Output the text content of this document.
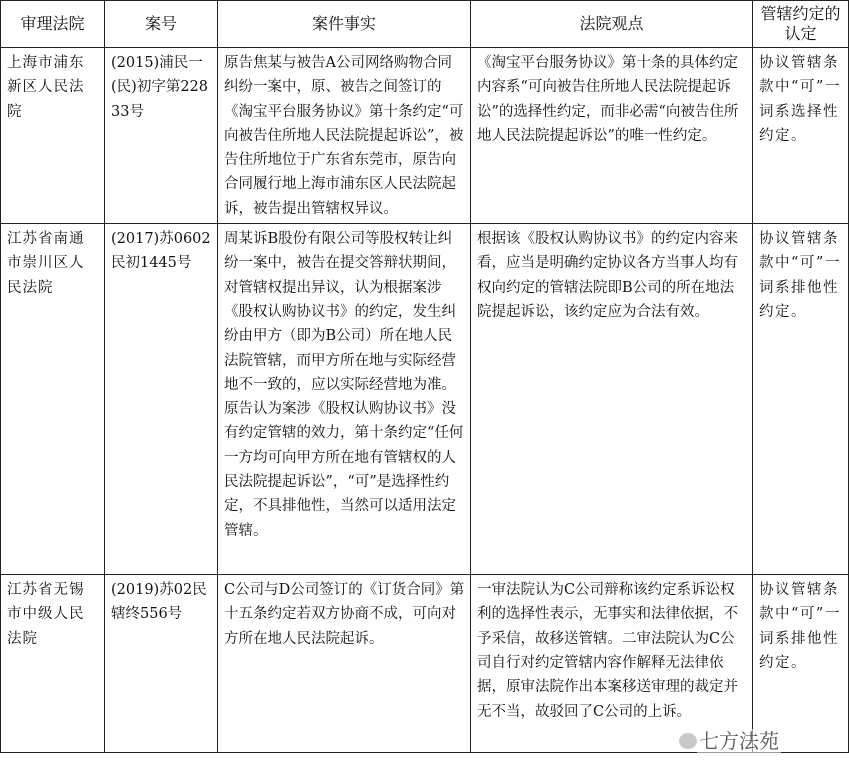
审理法院	案号	案件事实	法院观点	管辖约定的认定
上海市浦东新区人民法院	(2015)浦民一(民)初字第22833号	原告焦某与被告A公司网络购物合同纠纷一案中，原、被告之间签订的《淘宝平台服务协议》第十条约定“可向被告住所地人民法院提起诉讼”，被告住所地位于广东省东莞市，原告向合同履行地上海市浦东区人民法院起诉，被告提出管辖权异议。	《淘宝平台服务协议》第十条的具体约定内容系“可向被告住所地人民法院提起诉讼”的选择性约定，而非必需“向被告住所地人民法院提起诉讼”的唯一性约定。	协议管辖条款中“可”一词系选择性约定。
江苏省南通市崇川区人民法院	(2017)苏0602民初1445号	周某诉B股份有限公司等股权转让纠纷一案中，被告在提交答辩状期间，对管辖权提出异议，认为根据案涉《股权认购协议书》的约定，发生纠纷由甲方（即为B公司）所在地人民法院管辖，而甲方所在地与实际经营地不一致的，应以实际经营地为准。原告认为案涉《股权认购协议书》没有约定管辖的效力，第十条约定“任何一方均可向甲方所在地有管辖权的人民法院提起诉讼”，“可”是选择性约定，不具排他性，当然可以适用法定管辖。	根据该《股权认购协议书》的约定内容来看，应当是明确约定协议各方当事人均有权向约定的管辖法院即B公司的所在地法院提起诉讼，该约定应为合法有效。	协议管辖条款中“可”一词系排他性约定。
江苏省无锡市中级人民法院	(2019)苏02民辖终556号	C公司与D公司签订的《订货合同》第十五条约定若双方协商不成，可向对方所在地人民法院起诉。	一审法院认为C公司辩称该约定系诉讼权利的选择性表示，无事实和法律依据，不予采信，故移送管辖。二审法院认为C公司自行对约定管辖内容作解释无法律依据，原审法院作出本案移送审理的裁定并无不当，故驳回了C公司的上诉。	协议管辖条款中“可”一词系排他性约定。
七方法苑
